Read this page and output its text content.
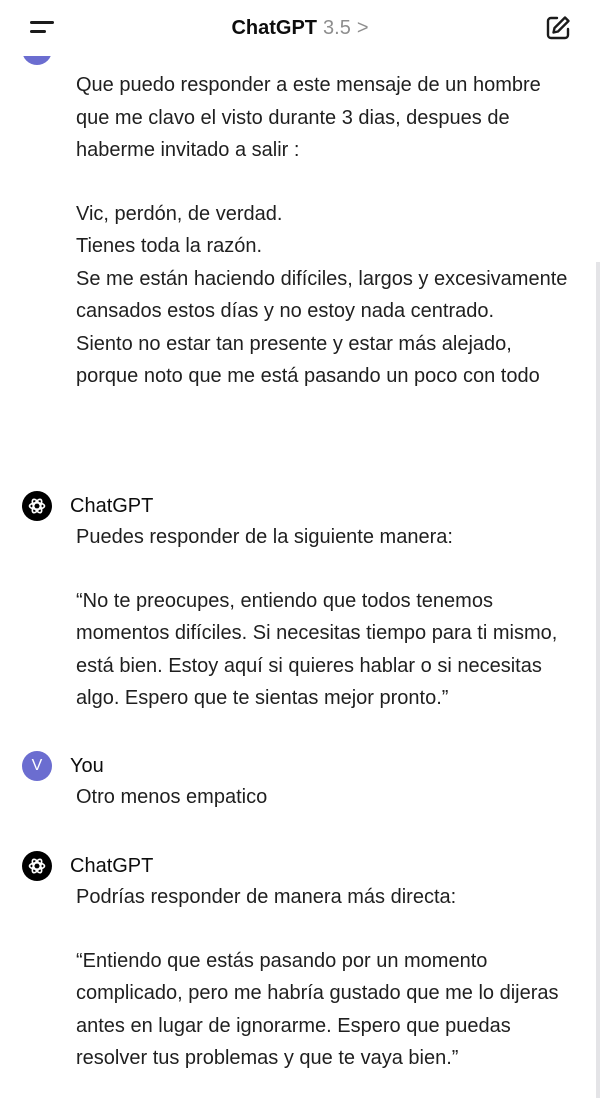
ChatGPT 3.5 >

Que puedo responder a este mensaje de un hombre que me clavo el visto durante 3 dias, despues de haberme invitado a salir :

Vic, perdón, de verdad.
Tienes toda la razón.
Se me están haciendo difíciles, largos y excesivamente cansados estos días y no estoy nada centrado.
Siento no estar tan presente y estar más alejado, porque noto que me está pasando un poco con todo

ChatGPT

Puedes responder de la siguiente manera:

“No te preocupes, entiendo que todos tenemos momentos difíciles. Si necesitas tiempo para ti mismo, está bien. Estoy aquí si quieres hablar o si necesitas algo. Espero que te sientas mejor pronto.”

V You

Otro menos empatico

ChatGPT

Podrías responder de manera más directa:

“Entiendo que estás pasando por un momento complicado, pero me habría gustado que me lo dijeras antes en lugar de ignorarme. Espero que puedas resolver tus problemas y que te vaya bien.”
